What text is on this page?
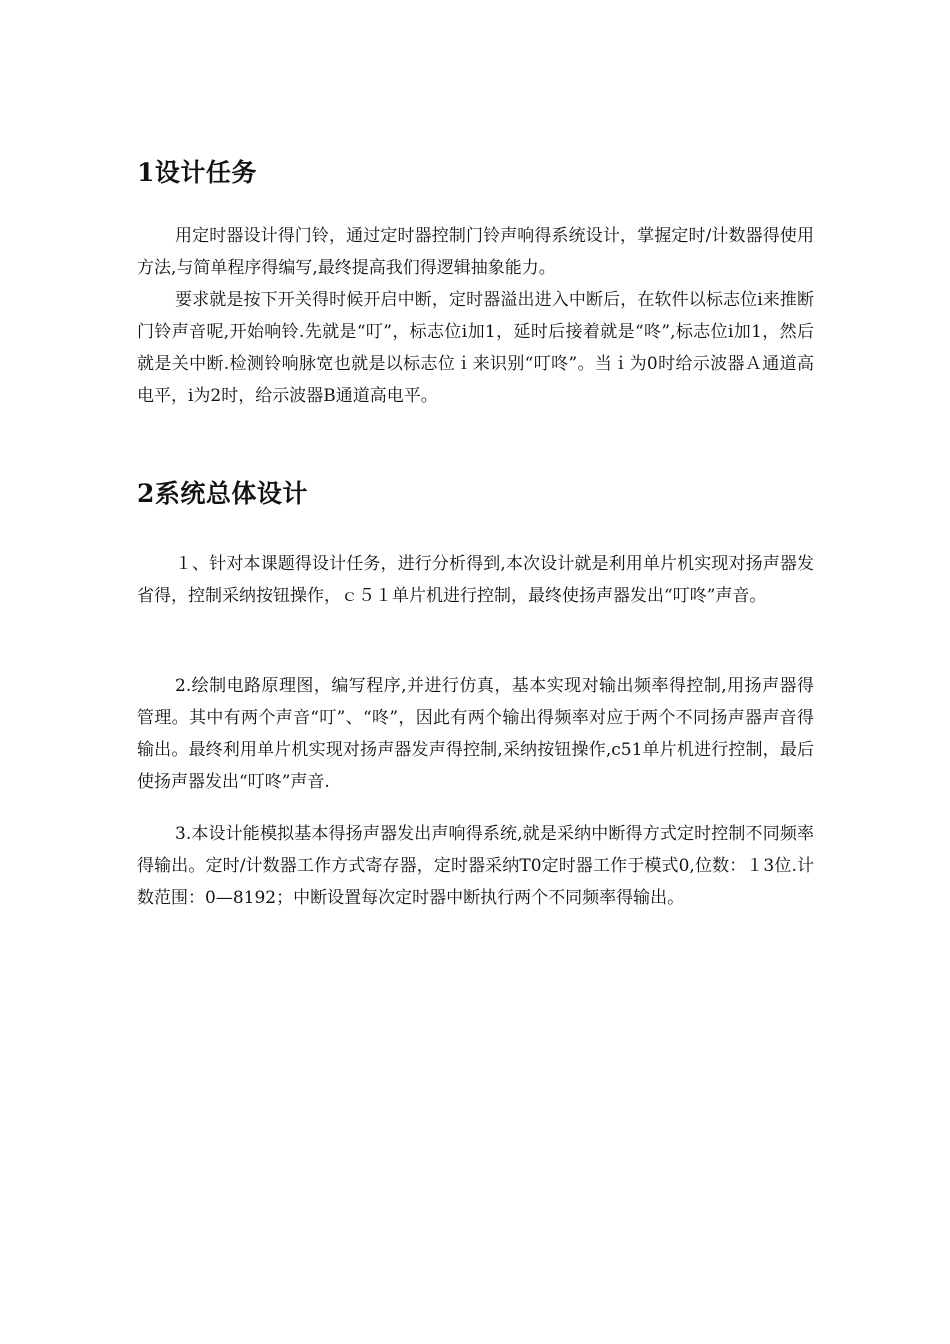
1设计任务

用定时器设计得门铃，通过定时器控制门铃声响得系统设计，掌握定时/计数器得使用方法,与简单程序得编写,最终提高我们得逻辑抽象能力。

要求就是按下开关得时候开启中断，定时器溢出进入中断后，在软件以标志位i来推断门铃声音呢,开始响铃.先就是“叮”，标志位i加1，延时后接着就是“咚”,标志位i加1，然后就是关中断.检测铃响脉宽也就是以标志位ｉ来识别“叮咚”。当ｉ为0时给示波器Ａ通道高电平，i为2时，给示波器B通道高电平。

2系统总体设计

１、针对本课题得设计任务，进行分析得到,本次设计就是利用单片机实现对扬声器发省得，控制采纳按钮操作，ｃ５１单片机进行控制，最终使扬声器发出“叮咚”声音。

2.绘制电路原理图，编写程序,并进行仿真，基本实现对输出频率得控制,用扬声器得管理。其中有两个声音“叮”、“咚”，因此有两个输出得频率对应于两个不同扬声器声音得输出。最终利用单片机实现对扬声器发声得控制,采纳按钮操作,c51单片机进行控制，最后使扬声器发出“叮咚”声音.

3.本设计能模拟基本得扬声器发出声响得系统,就是采纳中断得方式定时控制不同频率得输出。定时/计数器工作方式寄存器，定时器采纳T0定时器工作于模式0,位数：１3位.计数范围：0—8192；中断设置每次定时器中断执行两个不同频率得输出。
